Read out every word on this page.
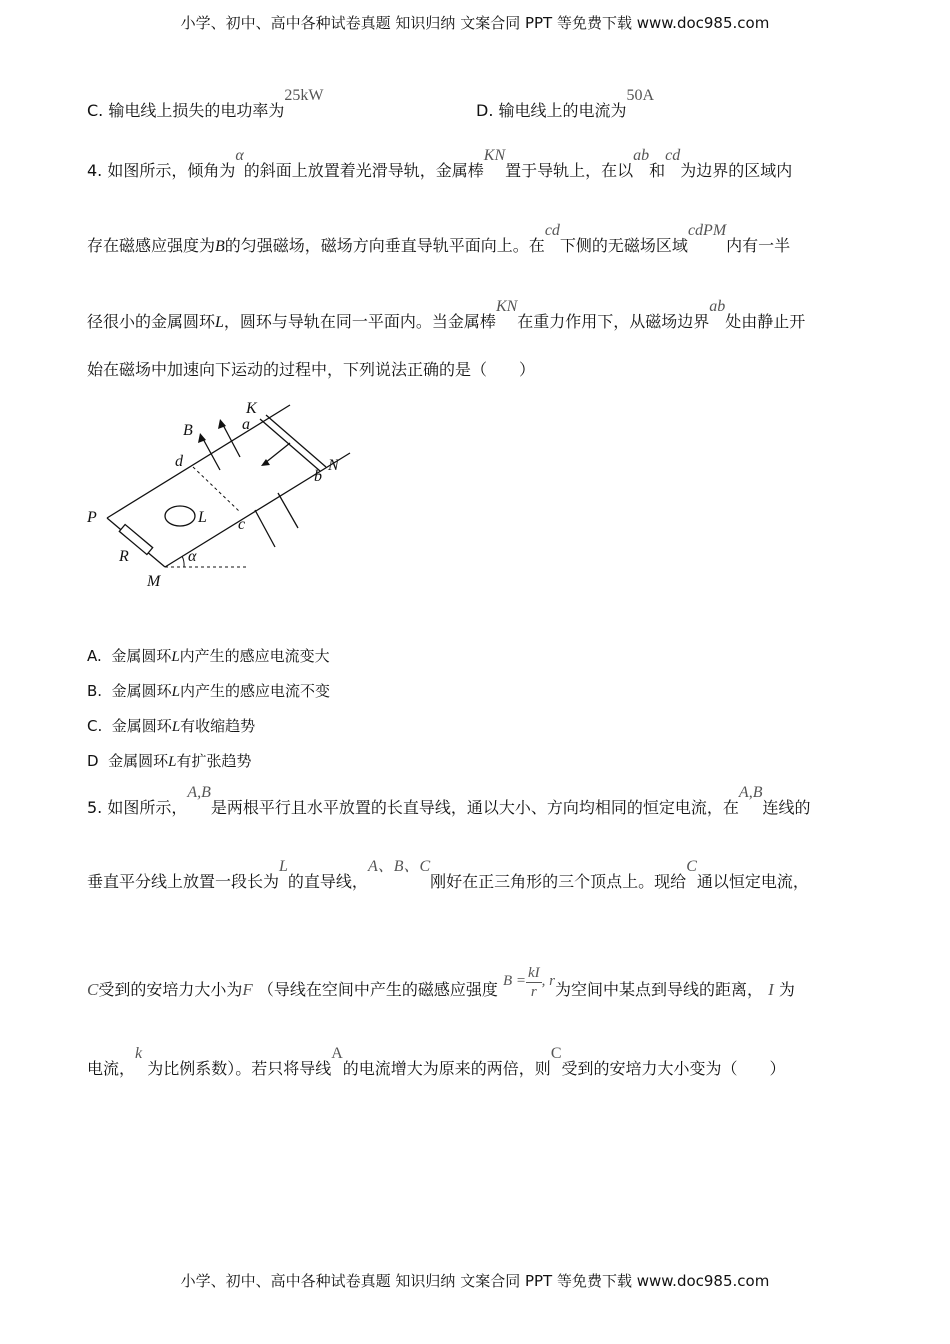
小学、初中、高中各种试卷真题 知识归纳 文案合同 PPT 等免费下载 www.doc985.com
C. 输电线上损失的电功率为25kW
D. 输电线上的电流为50A
4. 如图所示，倾角为α的斜面上放置着光滑导轨，金属棒KN置于导轨上，在以ab和cd为边界的区域内
存在磁感应强度为B的匀强磁场，磁场方向垂直导轨平面向上。在cd下侧的无磁场区域cdPM内有一半
径很小的金属圆环L，圆环与导轨在同一平面内。当金属棒KN在重力作用下，从磁场边界ab处由静止开
始在磁场中加速向下运动的过程中，下列说法正确的是（　　）
K
a
B
d	N
b
P	L c
R	α
M
A. 金属圆环L内产生的感应电流变大
B. 金属圆环L内产生的感应电流不变
C. 金属圆环L有收缩趋势
D 金属圆环L有扩张趋势
5. 如图所示，A,B是两根平行且水平放置的长直导线，通以大小、方向均相同的恒定电流，在A,B连线的
垂直平分线上放置一段长为L的直导线，A、B、C刚好在正三角形的三个顶点上。现给C通以恒定电流，
C受到的安培力大小为F （导线在空间中产生的磁感应强度 $B = \frac{kI}{r}$ , r为空间中某点到导线的距离， I 为
电流，k 为比例系数）。若只将导线A的电流增大为原来的两倍，则C受到的安培力大小变为（　　）
小学、初中、高中各种试卷真题 知识归纳 文案合同 PPT 等免费下载 www.doc985.com
